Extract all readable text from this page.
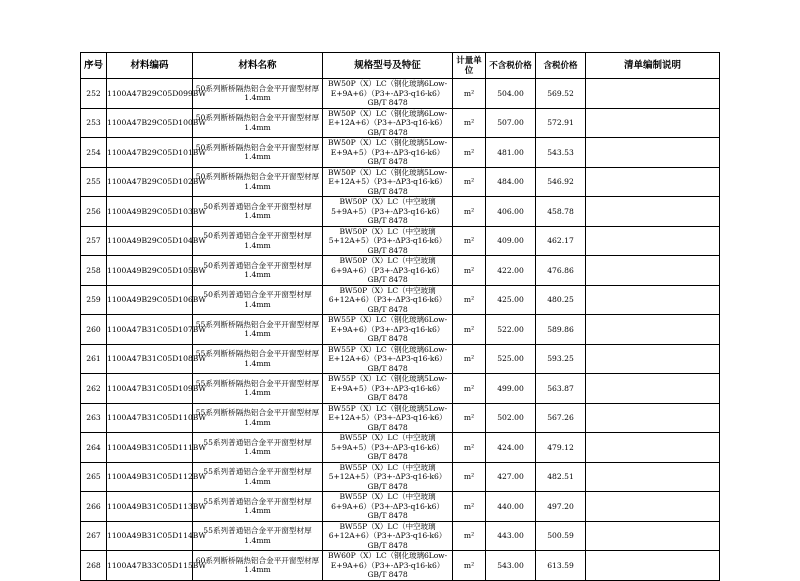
序号	材料编码	材料名称	规格型号及特征	计量单位	不含税价格	含税价格	清单编制说明
252	1100A47B29C05D099BW	50系列断桥隔热铝合金平开窗型材厚1.4mm	BW50P（X）LC（钢化玻璃6Low-E+9A+6）（P3+-ΔP3-q16-k6）GB/T 8478	m²	504.00	569.52	
253	1100A47B29C05D100BW	50系列断桥隔热铝合金平开窗型材厚1.4mm	BW50P（X）LC（钢化玻璃6Low-E+12A+6）（P3+-ΔP3-q16-k6）GB/T 8478	m²	507.00	572.91	
254	1100A47B29C05D101BW	50系列断桥隔热铝合金平开窗型材厚1.4mm	BW50P（X）LC（钢化玻璃5Low-E+9A+5）（P3+-ΔP3-q16-k6）GB/T 8478	m²	481.00	543.53	
255	1100A47B29C05D102BW	50系列断桥隔热铝合金平开窗型材厚1.4mm	BW50P（X）LC（钢化玻璃5Low-E+12A+5）（P3+-ΔP3-q16-k6）GB/T 8478	m²	484.00	546.92	
256	1100A49B29C05D103BW	50系列普通铝合金平开窗型材厚1.4mm	BW50P（X）LC（中空玻璃5+9A+5）（P3+-ΔP3-q16-k6）GB/T 8478	m²	406.00	458.78	
257	1100A49B29C05D104BW	50系列普通铝合金平开窗型材厚1.4mm	BW50P（X）LC（中空玻璃5+12A+5）（P3+-ΔP3-q16-k6）GB/T 8478	m²	409.00	462.17	
258	1100A49B29C05D105BW	50系列普通铝合金平开窗型材厚1.4mm	BW50P（X）LC（中空玻璃6+9A+6）（P3+-ΔP3-q16-k6）GB/T 8478	m²	422.00	476.86	
259	1100A49B29C05D106BW	50系列普通铝合金平开窗型材厚1.4mm	BW50P（X）LC（中空玻璃6+12A+6）（P3+-ΔP3-q16-k6）GB/T 8478	m²	425.00	480.25	
260	1100A47B31C05D107BW	55系列断桥隔热铝合金平开窗型材厚1.4mm	BW55P（X）LC（钢化玻璃6Low-E+9A+6）（P3+-ΔP3-q16-k6）GB/T 8478	m²	522.00	589.86	
261	1100A47B31C05D108BW	55系列断桥隔热铝合金平开窗型材厚1.4mm	BW55P（X）LC（钢化玻璃6Low-E+12A+6）（P3+-ΔP3-q16-k6）GB/T 8478	m²	525.00	593.25	
262	1100A47B31C05D109BW	55系列断桥隔热铝合金平开窗型材厚1.4mm	BW55P（X）LC（钢化玻璃5Low-E+9A+5）（P3+-ΔP3-q16-k6）GB/T 8478	m²	499.00	563.87	
263	1100A47B31C05D110BW	55系列断桥隔热铝合金平开窗型材厚1.4mm	BW55P（X）LC（钢化玻璃5Low-E+12A+5）（P3+-ΔP3-q16-k6）GB/T 8478	m²	502.00	567.26	
264	1100A49B31C05D111BW	55系列普通铝合金平开窗型材厚1.4mm	BW55P（X）LC（中空玻璃5+9A+5）（P3+-ΔP3-q16-k6）GB/T 8478	m²	424.00	479.12	
265	1100A49B31C05D112BW	55系列普通铝合金平开窗型材厚1.4mm	BW55P（X）LC（中空玻璃5+12A+5）（P3+-ΔP3-q16-k6）GB/T 8478	m²	427.00	482.51	
266	1100A49B31C05D113BW	55系列普通铝合金平开窗型材厚1.4mm	BW55P（X）LC（中空玻璃6+9A+6）（P3+-ΔP3-q16-k6）GB/T 8478	m²	440.00	497.20	
267	1100A49B31C05D114BW	55系列普通铝合金平开窗型材厚1.4mm	BW55P（X）LC（中空玻璃6+12A+6）（P3+-ΔP3-q16-k6）GB/T 8478	m²	443.00	500.59	
268	1100A47B33C05D115BW	60系列断桥隔热铝合金平开窗型材厚1.4mm	BW60P（X）LC（钢化玻璃6Low-E+9A+6）（P3+-ΔP3-q16-k6）GB/T 8478	m²	543.00	613.59	
